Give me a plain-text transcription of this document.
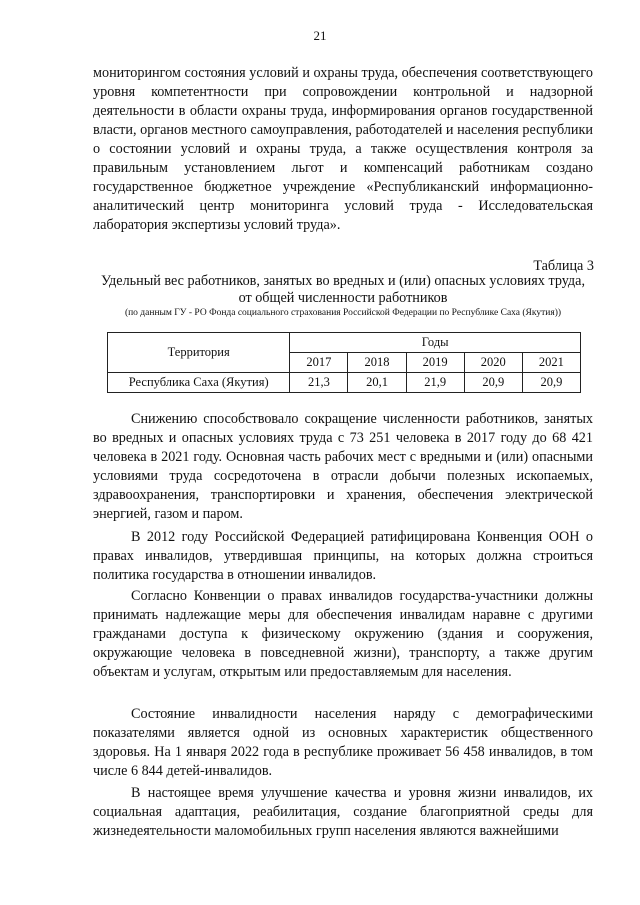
21

мониторингом состояния условий и охраны труда, обеспечения соответствующего уровня компетентности при сопровождении контрольной и надзорной деятельности в области охраны труда, информирования органов государственной власти, органов местного самоуправления, работодателей и населения республики о состоянии условий и охраны труда, а также осуществления контроля за правильным установлением льгот и компенсаций работникам создано государственное бюджетное учреждение «Республиканский информационно-аналитический центр мониторинга условий труда - Исследовательская лаборатория экспертизы условий труда».

Таблица 3
Удельный вес работников, занятых во вредных и (или) опасных условиях труда, от общей численности работников
(по данным ГУ - РО Фонда социального страхования Российской Федерации по Республике Саха (Якутия))
Территория	Годы				
	2017	2018	2019	2020	2021
Республика Саха (Якутия)	21,3	20,1	21,9	20,9	20,9

Снижению способствовало сокращение численности работников, занятых во вредных и опасных условиях труда с 73 251 человека в 2017 году до 68 421 человека в 2021 году. Основная часть рабочих мест с вредными и (или) опасными условиями труда сосредоточена в отрасли добычи полезных ископаемых, здравоохранения, транспортировки и хранения, обеспечения электрической энергией, газом и паром.

В 2012 году Российской Федерацией ратифицирована Конвенция ООН о правах инвалидов, утвердившая принципы, на которых должна строиться политика государства в отношении инвалидов.

Согласно Конвенции о правах инвалидов государства-участники должны принимать надлежащие меры для обеспечения инвалидам наравне с другими гражданами доступа к физическому окружению (здания и сооружения, окружающие человека в повседневной жизни), транспорту, а также другим объектам и услугам, открытым или предоставляемым для населения.

Состояние инвалидности населения наряду с демографическими показателями является одной из основных характеристик общественного здоровья. На 1 января 2022 года в республике проживает 56 458 инвалидов, в том числе 6 844 детей-инвалидов.

В настоящее время улучшение качества и уровня жизни инвалидов, их социальная адаптация, реабилитация, создание благоприятной среды для жизнедеятельности маломобильных групп населения являются важнейшими
